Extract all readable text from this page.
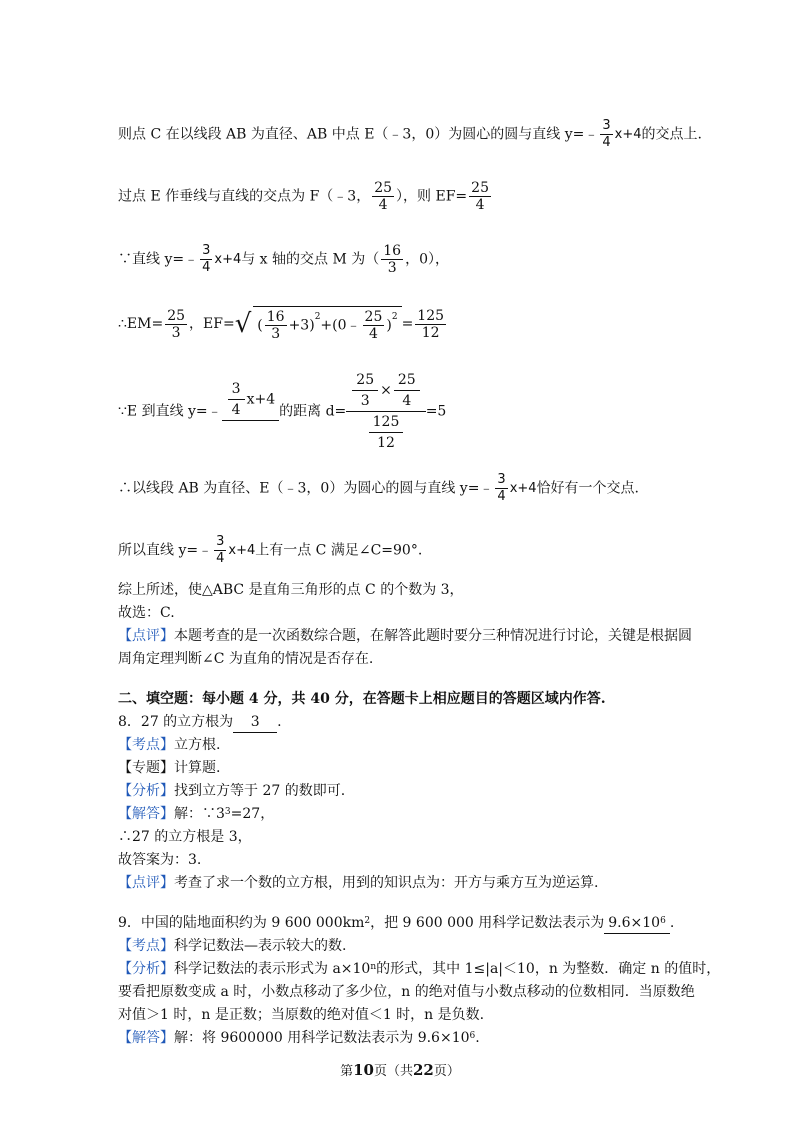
则点 C 在以线段 AB 为直径、AB 中点 E（﹣3，0）为圆心的圆与直线 y=﹣ $\frac{3}{4} x+4$的交点上.
过点 E 作垂线与直线的交点为 F（﹣3， $\frac{25}{4}$ ），则 $EF= \frac{25}{4}$
∵直线 y=﹣ $\frac{3}{4} x+4$与 x 轴的交点 M 为（ $\frac{16}{3}$ ，0），
∴EM= $\frac{25}{3}$ ，EF=√ ( $\frac{16}{3}$ +3)$^2$+(0﹣ $\frac{25}{4} )^2 = \frac{125}{12}$
∵E 到直线 y=﹣ $\frac{3}{4} x+4$

的距离 $d= \frac{\frac{25}{3} \times \frac{25}{4}}{\frac{125}{12}} =5$
∴以线段 AB 为直径、E（﹣3，0）为圆心的圆与直线 y=﹣ $\frac{3}{4} x+4$恰好有一个交点.
所以直线 y=﹣ $\frac{3}{4} x+4$上有一点 C 满足∠C=90°.
综上所述，使△ABC 是直角三角形的点 C 的个数为 3，
故选：C.
【点评】本题考查的是一次函数综合题，在解答此题时要分三种情况进行讨论，关键是根据圆
周角定理判断∠C 为直角的情况是否存在.
二、填空题：每小题 4 分，共 40 分，在答题卡上相应题目的答题区域内作答.
8．27 的立方根为 3 .
【考点】立方根.
【专题】计算题.
【分析】找到立方等于 27 的数即可.
【解答】解：$\because 3^3=27$，
∴27 的立方根是 3，
故答案为：3.
【点评】考查了求一个数的立方根，用到的知识点为：开方与乘方互为逆运算.
9．中国的陆地面积约为 9 600 $000km^2$，把 9 600 000 用科学记数法表示为 $9.6\times 10^6$ .
【考点】科学记数法—表示较大的数.
【分析】科学记数法的表示形式为 $a\times 10^n$的形式，其中 1≤|a|＜10，n 为整数．确定 n 的值时，
要看把原数变成 a 时，小数点移动了多少位，n 的绝对值与小数点移动的位数相同．当原数绝
对值＞1 时，n 是正数；当原数的绝对值＜1 时，n 是负数.
【解答】解：将 9600000 用科学记数法表示为 $9.6\times 10^6$.
第10页（共22页）
